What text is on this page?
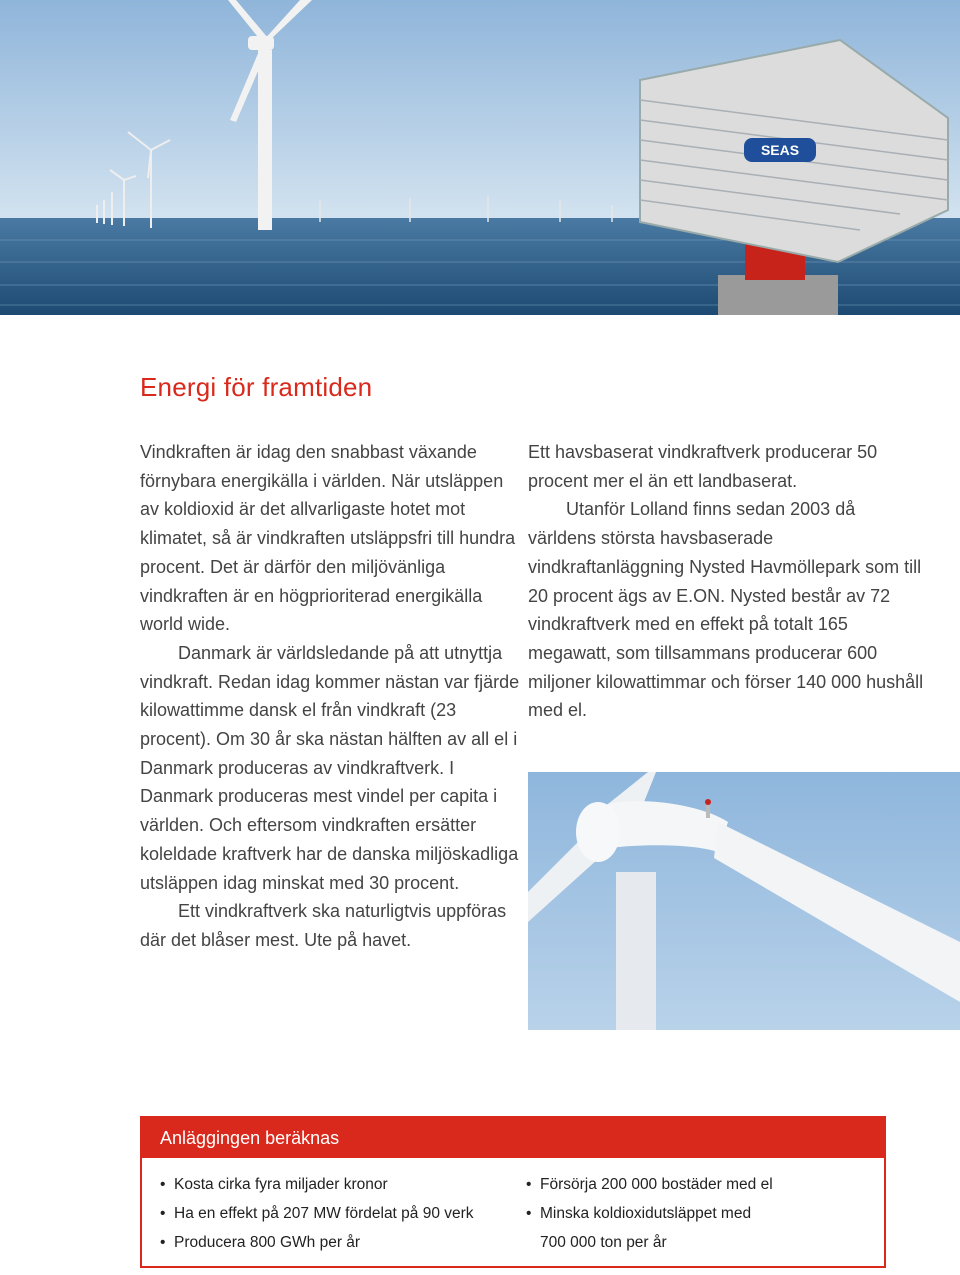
SEAS
Energi för framtiden

Vindkraften är idag den snabbast växande förnybara energikälla i världen. När utsläppen av koldioxid är det allvarligaste hotet mot klimatet, så är vindkraften utsläppsfri till hundra procent. Det är därför den miljövänliga vindkraften är en högprioriterad energikälla world wide.

Danmark är världsledande på att utnyttja vindkraft. Redan idag kommer nästan var fjärde kilowattimme dansk el från vindkraft (23 procent). Om 30 år ska nästan hälften av all el i Danmark produceras av vindkraftverk. I Danmark produceras mest vindel per capita i världen. Och eftersom vindkraften ersätter koleldade kraftverk har de danska miljöskadliga utsläppen idag minskat med 30 procent.

Ett vindkraftverk ska naturligtvis uppföras där det blåser mest. Ute på havet.

Ett havsbaserat vindkraftverk producerar 50 procent mer el än ett landbaserat.

Utanför Lolland finns sedan 2003 då världens största havsbaserade vindkraftanläggning Nysted Havmöllepark som till 20 procent ägs av E.ON. Nysted består av 72 vindkraftverk med en effekt på totalt 165 megawatt, som tillsammans producerar 600 miljoner kilowattimmar och förser 140 000 hushåll med el.

Anläggingen beräknas
• Kosta cirka fyra miljader kronor
• Ha en effekt på 207 MW fördelat på 90 verk
• Producera 800 GWh per år
• Försörja 200 000 bostäder med el
• Minska koldioxidutsläppet med
700 000 ton per år
